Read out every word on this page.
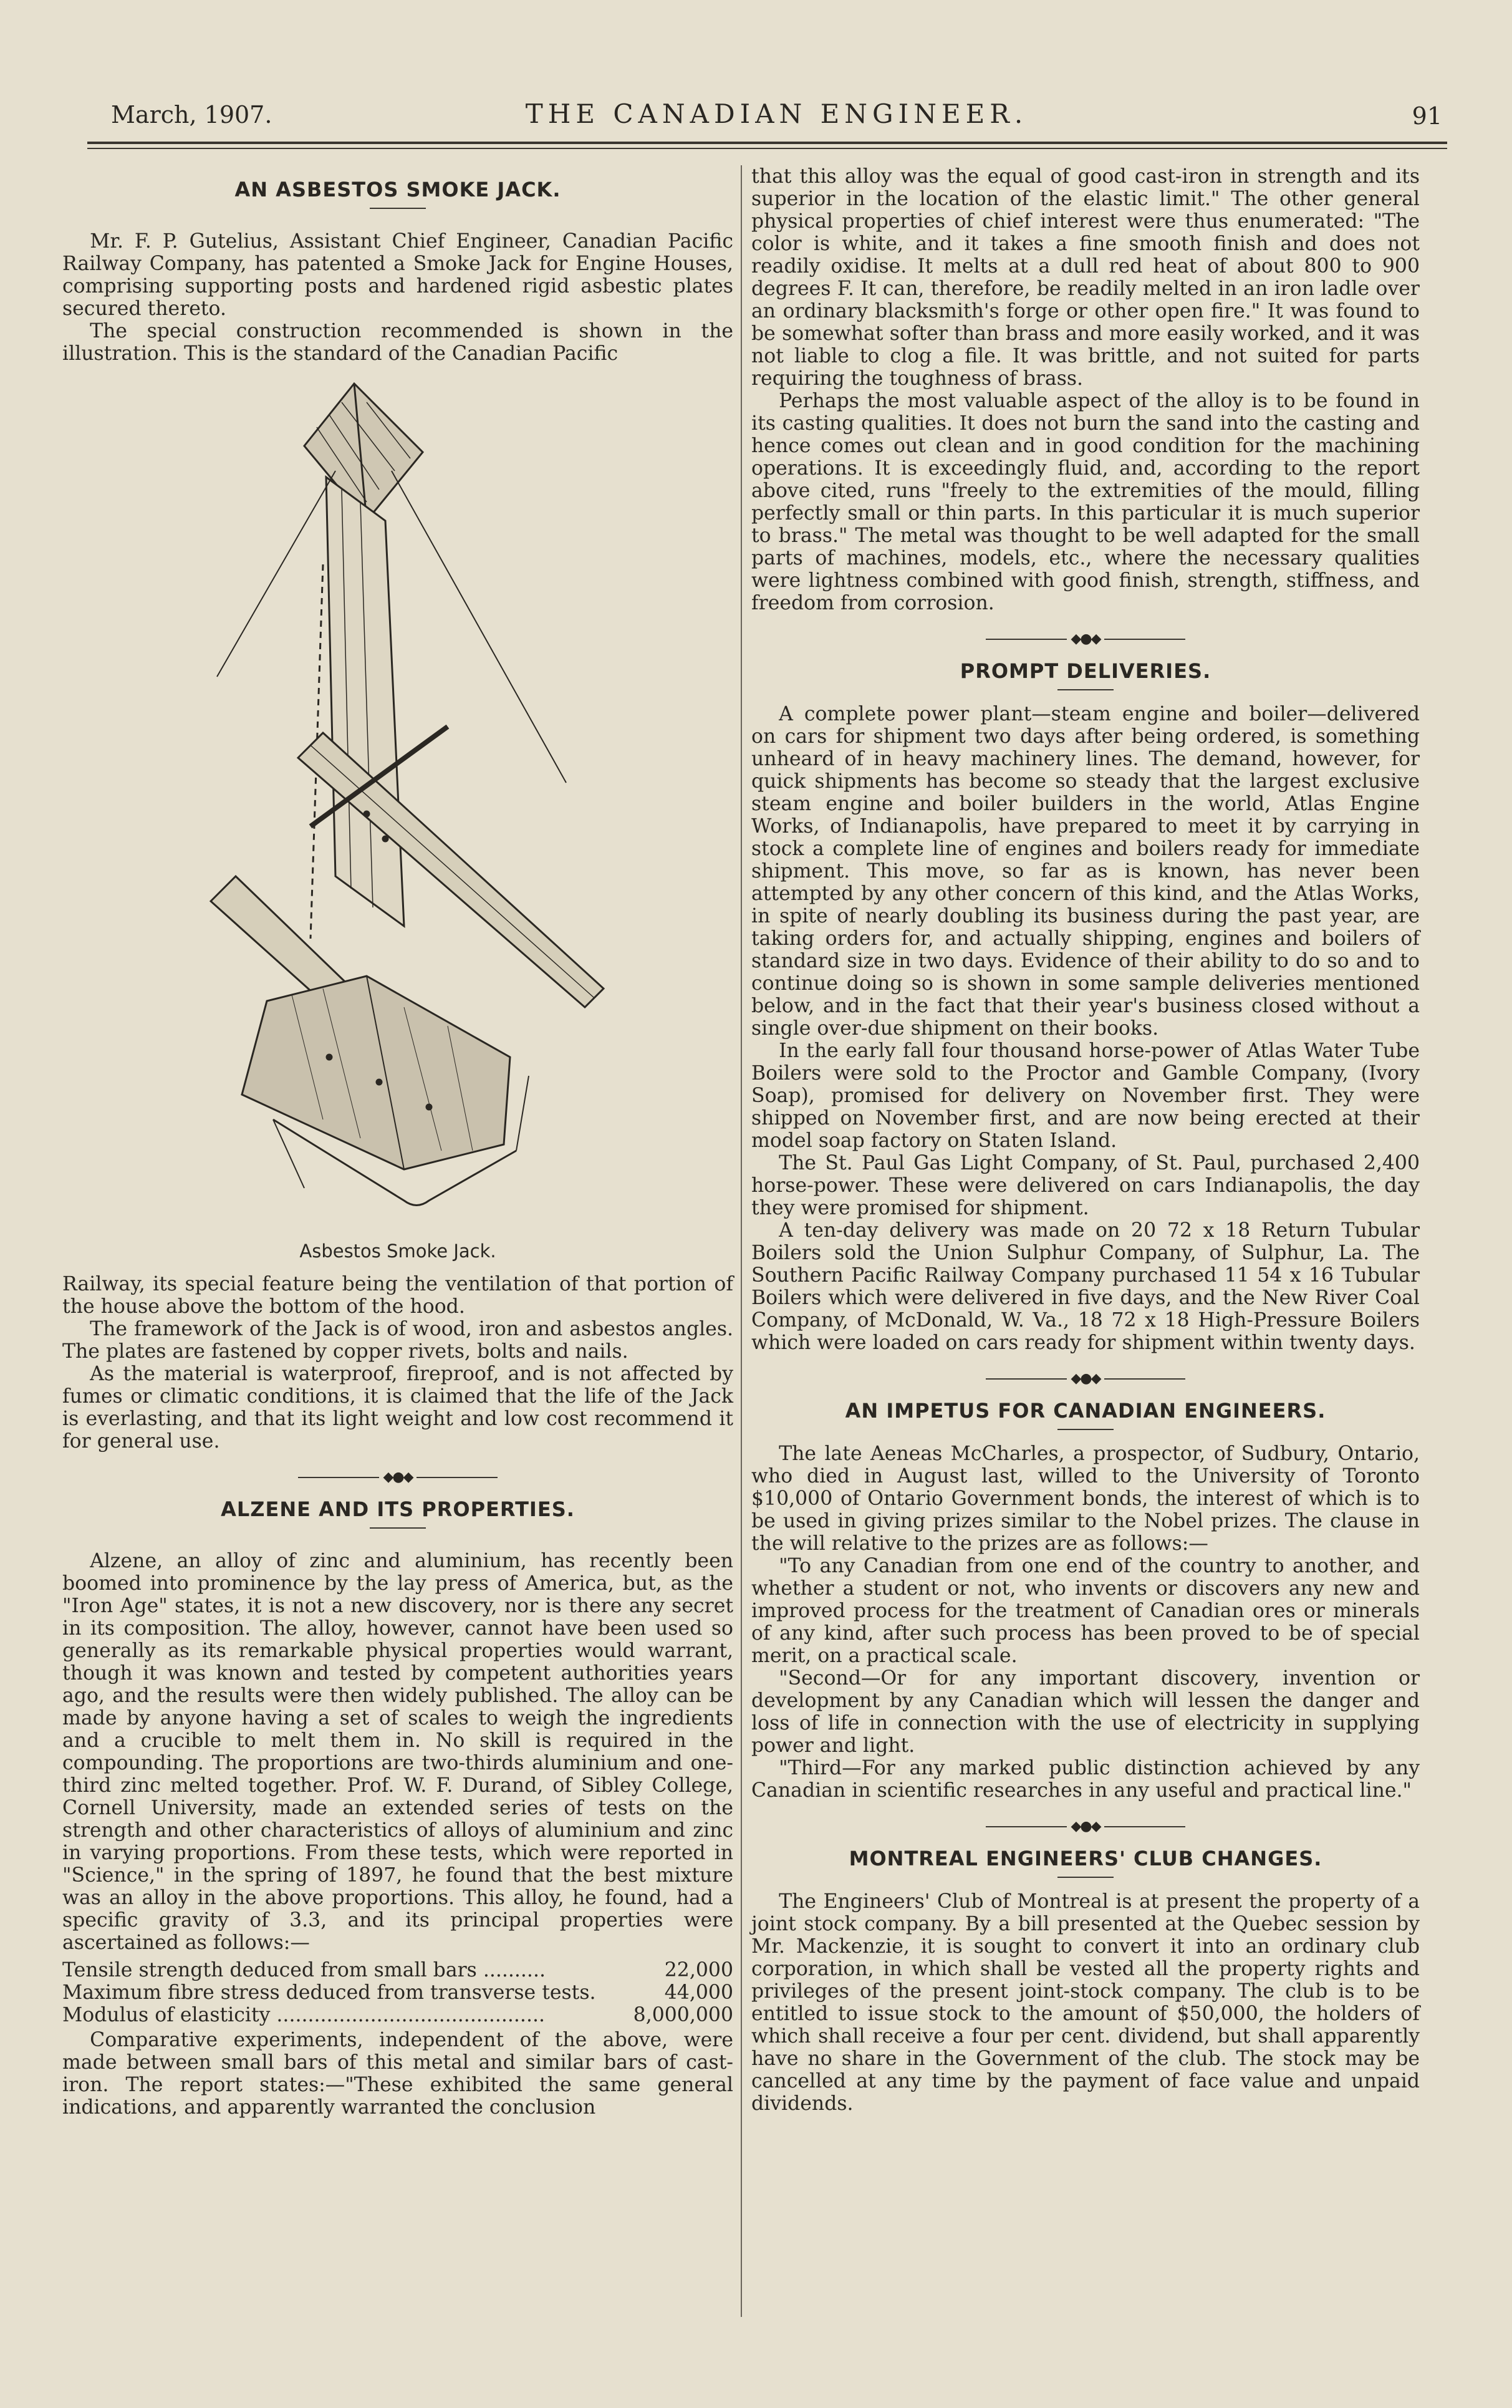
March, 1907.	THE CANADIAN ENGINEER.	91
AN ASBESTOS SMOKE JACK.

Mr. F. P. Gutelius, Assistant Chief Engineer, Canadian Pacific Railway Company, has patented a Smoke Jack for Engine Houses, comprising supporting posts and hardened rigid asbestic plates secured thereto.

The special construction recommended is shown in the illustration. This is the standard of the Canadian Pacific

Asbestos Smoke Jack.

Railway, its special feature being the ventilation of that portion of the house above the bottom of the hood.

The framework of the Jack is of wood, iron and asbestos angles. The plates are fastened by copper rivets, bolts and nails.

As the material is waterproof, fireproof, and is not affected by fumes or climatic conditions, it is claimed that the life of the Jack is everlasting, and that its light weight and low cost recommend it for general use.

◆●◆
ALZENE AND ITS PROPERTIES.

Alzene, an alloy of zinc and aluminium, has recently been boomed into prominence by the lay press of America, but, as the "Iron Age" states, it is not a new discovery, nor is there any secret in its composition. The alloy, however, cannot have been used so generally as its remarkable physical properties would warrant, though it was known and tested by competent authorities years ago, and the results were then widely published. The alloy can be made by anyone having a set of scales to weigh the ingredients and a crucible to melt them in. No skill is required in the compounding. The proportions are two-thirds aluminium and one-third zinc melted together. Prof. W. F. Durand, of Sibley College, Cornell University, made an extended series of tests on the strength and other characteristics of alloys of aluminium and zinc in varying proportions. From these tests, which were reported in "Science," in the spring of 1897, he found that the best mixture was an alloy in the above proportions. This alloy, he found, had a specific gravity of 3.3, and its principal properties were ascertained as follows:—

Tensile strength deduced from small bars ..........	22,000
Maximum fibre stress deduced from transverse tests.	44,000
Modulus of elasticity ...........................................	8,000,000

Comparative experiments, independent of the above, were made between small bars of this metal and similar bars of cast-iron. The report states:—"These exhibited the same general indications, and apparently warranted the conclusion

that this alloy was the equal of good cast-iron in strength and its superior in the location of the elastic limit." The other general physical properties of chief interest were thus enumerated: "The color is white, and it takes a fine smooth finish and does not readily oxidise. It melts at a dull red heat of about 800 to 900 degrees F. It can, therefore, be readily melted in an iron ladle over an ordinary blacksmith's forge or other open fire." It was found to be somewhat softer than brass and more easily worked, and it was not liable to clog a file. It was brittle, and not suited for parts requiring the toughness of brass.

Perhaps the most valuable aspect of the alloy is to be found in its casting qualities. It does not burn the sand into the casting and hence comes out clean and in good condition for the machining operations. It is exceedingly fluid, and, according to the report above cited, runs "freely to the extremities of the mould, filling perfectly small or thin parts. In this particular it is much superior to brass." The metal was thought to be well adapted for the small parts of machines, models, etc., where the necessary qualities were lightness combined with good finish, strength, stiffness, and freedom from corrosion.

◆●◆
PROMPT DELIVERIES.

A complete power plant—steam engine and boiler—delivered on cars for shipment two days after being ordered, is something unheard of in heavy machinery lines. The demand, however, for quick shipments has become so steady that the largest exclusive steam engine and boiler builders in the world, Atlas Engine Works, of Indianapolis, have prepared to meet it by carrying in stock a complete line of engines and boilers ready for immediate shipment. This move, so far as is known, has never been attempted by any other concern of this kind, and the Atlas Works, in spite of nearly doubling its business during the past year, are taking orders for, and actually shipping, engines and boilers of standard size in two days. Evidence of their ability to do so and to continue doing so is shown in some sample deliveries mentioned below, and in the fact that their year's business closed without a single over-due shipment on their books.

In the early fall four thousand horse-power of Atlas Water Tube Boilers were sold to the Proctor and Gamble Company, (Ivory Soap), promised for delivery on November first. They were shipped on November first, and are now being erected at their model soap factory on Staten Island.

The St. Paul Gas Light Company, of St. Paul, purchased 2,400 horse-power. These were delivered on cars Indianapolis, the day they were promised for shipment.

A ten-day delivery was made on 20 72 x 18 Return Tubular Boilers sold the Union Sulphur Company, of Sulphur, La. The Southern Pacific Railway Company purchased 11 54 x 16 Tubular Boilers which were delivered in five days, and the New River Coal Company, of McDonald, W. Va., 18 72 x 18 High-Pressure Boilers which were loaded on cars ready for shipment within twenty days.

◆●◆
AN IMPETUS FOR CANADIAN ENGINEERS.

The late Aeneas McCharles, a prospector, of Sudbury, Ontario, who died in August last, willed to the University of Toronto $10,000 of Ontario Government bonds, the interest of which is to be used in giving prizes similar to the Nobel prizes. The clause in the will relative to the prizes are as follows:—

"To any Canadian from one end of the country to another, and whether a student or not, who invents or discovers any new and improved process for the treatment of Canadian ores or minerals of any kind, after such process has been proved to be of special merit, on a practical scale.

"Second—Or for any important discovery, invention or development by any Canadian which will lessen the danger and loss of life in connection with the use of electricity in supplying power and light.

"Third—For any marked public distinction achieved by any Canadian in scientific researches in any useful and practical line."

◆●◆
MONTREAL ENGINEERS' CLUB CHANGES.

The Engineers' Club of Montreal is at present the property of a joint stock company. By a bill presented at the Quebec session by Mr. Mackenzie, it is sought to convert it into an ordinary club corporation, in which shall be vested all the property rights and privileges of the present joint-stock company. The club is to be entitled to issue stock to the amount of $50,000, the holders of which shall receive a four per cent. dividend, but shall apparently have no share in the Government of the club. The stock may be cancelled at any time by the payment of face value and unpaid dividends.
